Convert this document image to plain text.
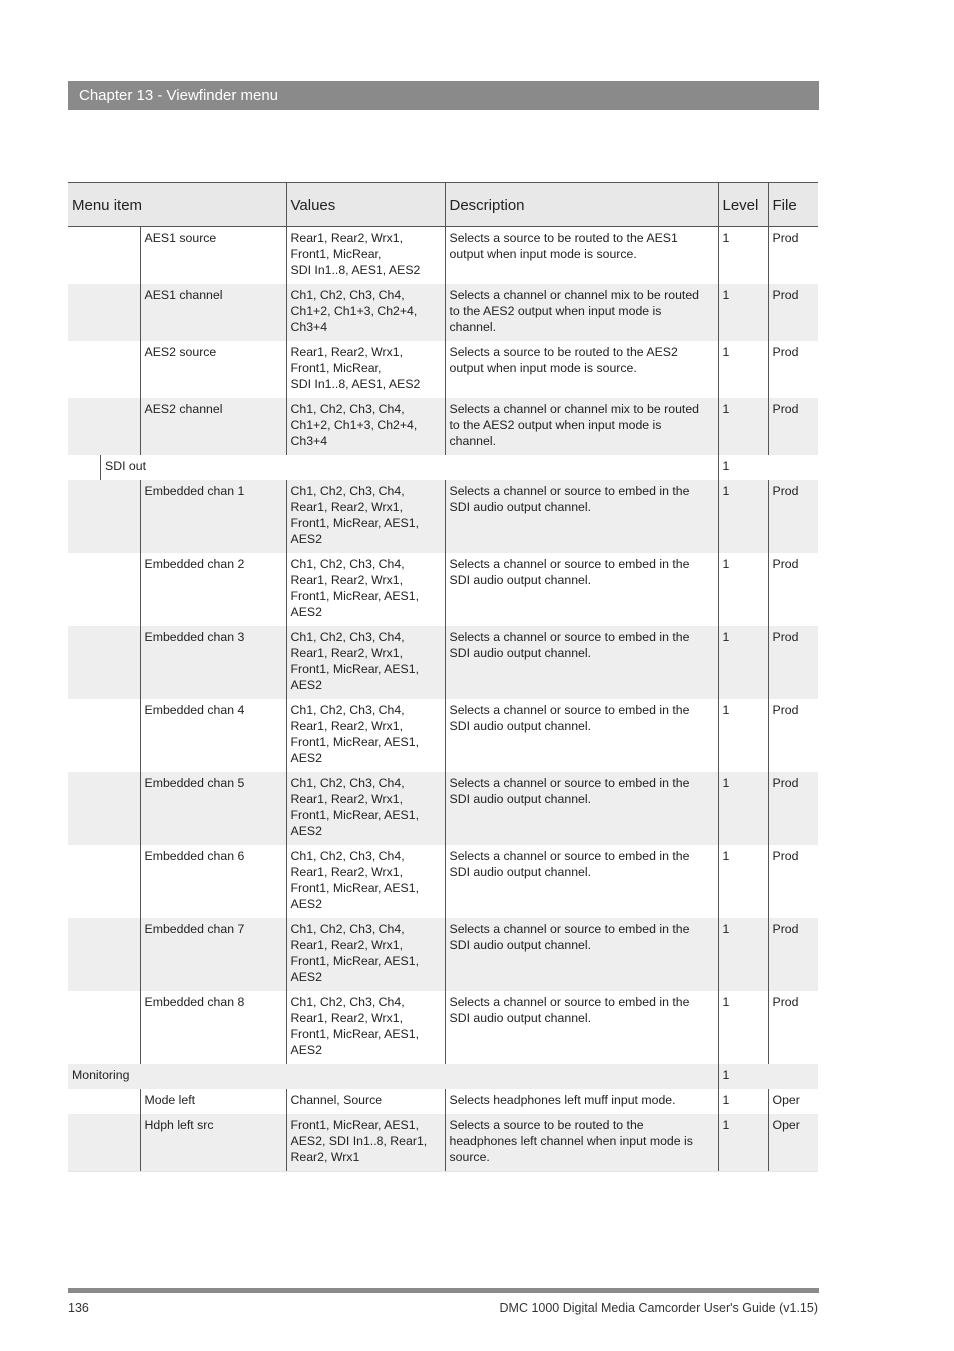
Chapter 13 - Viewfinder menu
Menu item		Values	Description	Level	File
	AES1 source	Rear1, Rear2, Wrx1,
Front1, MicRear,
SDI In1..8, AES1, AES2	Selects a source to be routed to the AES1
output when input mode is source.	1	Prod
	AES1 channel	Ch1, Ch2, Ch3, Ch4,
Ch1+2, Ch1+3, Ch2+4,
Ch3+4	Selects a channel or channel mix to be routed
to the AES2 output when input mode is
channel.	1	Prod
	AES2 source	Rear1, Rear2, Wrx1,
Front1, MicRear,
SDI In1..8, AES1, AES2	Selects a source to be routed to the AES2
output when input mode is source.	1	Prod
	AES2 channel	Ch1, Ch2, Ch3, Ch4,
Ch1+2, Ch1+3, Ch2+4,
Ch3+4	Selects a channel or channel mix to be routed
to the AES2 output when input mode is
channel.	1	Prod
SDI out				1	
	Embedded chan 1	Ch1, Ch2, Ch3, Ch4,
Rear1, Rear2, Wrx1,
Front1, MicRear, AES1,
AES2	Selects a channel or source to embed in the
SDI audio output channel.	1	Prod
	Embedded chan 2	Ch1, Ch2, Ch3, Ch4,
Rear1, Rear2, Wrx1,
Front1, MicRear, AES1,
AES2	Selects a channel or source to embed in the
SDI audio output channel.	1	Prod
	Embedded chan 3	Ch1, Ch2, Ch3, Ch4,
Rear1, Rear2, Wrx1,
Front1, MicRear, AES1,
AES2	Selects a channel or source to embed in the
SDI audio output channel.	1	Prod
	Embedded chan 4	Ch1, Ch2, Ch3, Ch4,
Rear1, Rear2, Wrx1,
Front1, MicRear, AES1,
AES2	Selects a channel or source to embed in the
SDI audio output channel.	1	Prod
	Embedded chan 5	Ch1, Ch2, Ch3, Ch4,
Rear1, Rear2, Wrx1,
Front1, MicRear, AES1,
AES2	Selects a channel or source to embed in the
SDI audio output channel.	1	Prod
	Embedded chan 6	Ch1, Ch2, Ch3, Ch4,
Rear1, Rear2, Wrx1,
Front1, MicRear, AES1,
AES2	Selects a channel or source to embed in the
SDI audio output channel.	1	Prod
	Embedded chan 7	Ch1, Ch2, Ch3, Ch4,
Rear1, Rear2, Wrx1,
Front1, MicRear, AES1,
AES2	Selects a channel or source to embed in the
SDI audio output channel.	1	Prod
	Embedded chan 8	Ch1, Ch2, Ch3, Ch4,
Rear1, Rear2, Wrx1,
Front1, MicRear, AES1,
AES2	Selects a channel or source to embed in the
SDI audio output channel.	1	Prod
Monitoring				1	
	Mode left	Channel, Source	Selects headphones left muff input mode.	1	Oper
	Hdph left src	Front1, MicRear, AES1,
AES2, SDI In1..8, Rear1,
Rear2, Wrx1	Selects a source to be routed to the
headphones left channel when input mode is
source.	1	Oper
136	DMC 1000 Digital Media Camcorder User's Guide (v1.15)
